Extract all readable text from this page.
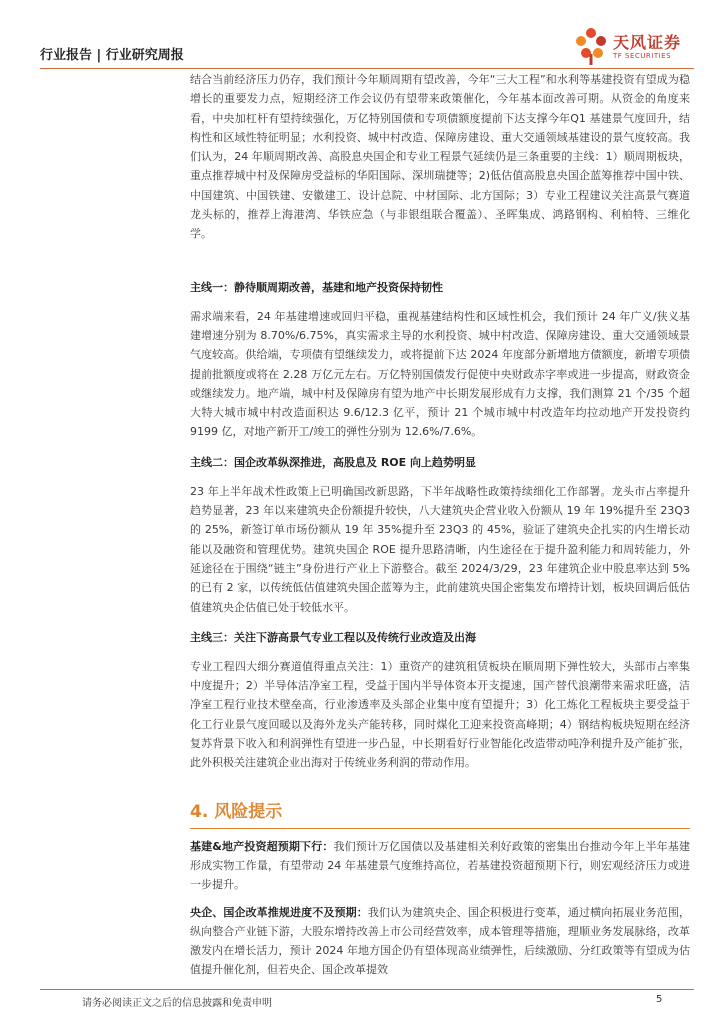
行业报告 | 行业研究周报
天风证券
TF SECURITIES

结合当前经济压力仍存，我们预计今年顺周期有望改善，今年“三大工程”和水利等基建投资有望成为稳增长的重要发力点，短期经济工作会议仍有望带来政策催化，今年基本面改善可期。从资金的角度来看，中央加杠杆有望持续强化，万亿特别国债和专项债额度提前下达支撑今年Q1 基建景气度回升，结构性和区域性特征明显；水利投资、城中村改造、保障房建设、重大交通领域基建设的景气度较高。我们认为，24 年顺周期改善、高股息央国企和专业工程景气延续仍是三条重要的主线：1）顺周期板块，重点推荐城中村及保障房受益标的华阳国际、深圳瑞捷等；2)低估值高股息央国企蓝筹推荐中国中铁、中国建筑、中国铁建、安徽建工、设计总院、中材国际、北方国际；3）专业工程建议关注高景气赛道龙头标的，推荐上海港湾、华铁应急（与非银组联合覆盖）、圣晖集成、鸿路钢构、利柏特、三维化学。

主线一：静待顺周期改善，基建和地产投资保持韧性

需求端来看，24 年基建增速或回归平稳，重视基建结构性和区域性机会，我们预计 24 年广义/狭义基建增速分别为 8.70%/6.75%，真实需求主导的水利投资、城中村改造、保障房建设、重大交通领域景气度较高。供给端，专项债有望继续发力，或将提前下达 2024 年度部分新增地方债额度，新增专项债提前批额度或将在 2.28 万亿元左右。万亿特别国债发行促使中央财政赤字率或进一步提高，财政资金或继续发力。地产端，城中村及保障房有望为地产中长期发展形成有力支撑，我们测算 21 个/35 个超大特大城市城中村改造面积达 9.6/12.3 亿平，预计 21 个城市城中村改造年均拉动地产开发投资约 9199 亿，对地产新开工/竣工的弹性分别为 12.6%/7.6%。

主线二：国企改革纵深推进，高股息及 ROE 向上趋势明显

23 年上半年战术性政策上已明确国改新思路，下半年战略性政策持续细化工作部署。龙头市占率提升趋势显著，23 年以来建筑央企份额提升较快，八大建筑央企营业收入份额从 19 年 19%提升至 23Q3 的 25%，新签订单市场份额从 19 年 35%提升至 23Q3 的 45%，验证了建筑央企扎实的内生增长动能以及融资和管理优势。建筑央国企 ROE 提升思路清晰，内生途径在于提升盈利能力和周转能力，外延途径在于围绕“链主”身份进行产业上下游整合。截至 2024/3/29，23 年建筑企业中股息率达到 5%的已有 2 家，以传统低估值建筑央国企蓝筹为主，此前建筑央国企密集发布增持计划，板块回调后低估值建筑央企估值已处于较低水平。

主线三：关注下游高景气专业工程以及传统行业改造及出海

专业工程四大细分赛道值得重点关注：1）重资产的建筑租赁板块在顺周期下弹性较大，头部市占率集中度提升；2）半导体洁净室工程，受益于国内半导体资本开支提速，国产替代浪潮带来需求旺盛，洁净室工程行业技术壁垒高，行业渗透率及头部企业集中度有望提升；3）化工炼化工程板块主要受益于化工行业景气度回暖以及海外龙头产能转移，同时煤化工迎来投资高峰期；4）钢结构板块短期在经济复苏背景下收入和利润弹性有望进一步凸显，中长期看好行业智能化改造带动吨净利提升及产能扩张，此外积极关注建筑企业出海对于传统业务利润的带动作用。

4. 风险提示

基建&地产投资超预期下行：我们预计万亿国债以及基建相关利好政策的密集出台推动今年上半年基建形成实物工作量，有望带动 24 年基建景气度维持高位，若基建投资超预期下行，则宏观经济压力或进一步提升。

央企、国企改革推规进度不及预期：我们认为建筑央企、国企积极进行变革，通过横向拓展业务范围，纵向整合产业链下游，大股东增持改善上市公司经营效率，成本管理等措施，理顺业务发展脉络，改革激发内在增长活力，预计 2024 年地方国企仍有望体现高业绩弹性，后续激励、分红政策等有望成为估值提升催化剂，但若央企、国企改革提效

请务必阅读正文之后的信息披露和免责申明	5
